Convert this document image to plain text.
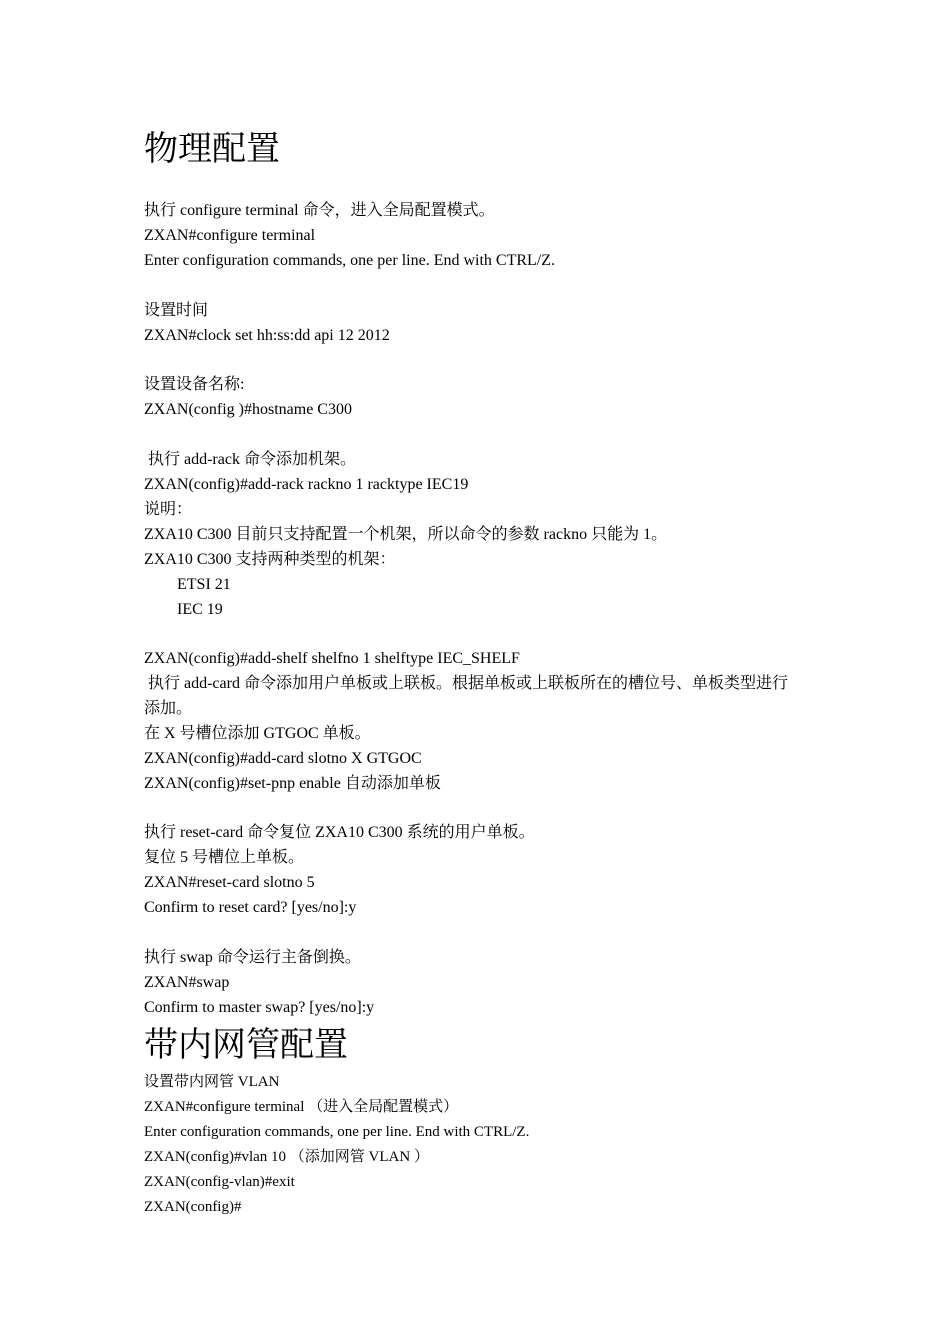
物理配置
执行 configure terminal 命令，进入全局配置模式。
ZXAN#configure terminal
Enter configuration commands, one per line. End with CTRL/Z.
设置时间
ZXAN#clock set hh:ss:dd api 12 2012
设置设备名称:
ZXAN(config )#hostname C300
执行 add-rack 命令添加机架。
ZXAN(config)#add-rack rackno 1 racktype IEC19
说明：
ZXA10 C300 目前只支持配置一个机架，所以命令的参数 rackno 只能为 1。
ZXA10 C300 支持两种类型的机架：
ETSI 21
IEC 19
ZXAN(config)#add-shelf shelfno 1 shelftype IEC_SHELF
执行 add-card 命令添加用户单板或上联板。根据单板或上联板所在的槽位号、单板类型进行
添加。
在 X 号槽位添加 GTGOC 单板。
ZXAN(config)#add-card slotno X GTGOC
ZXAN(config)#set-pnp enable 自动添加单板
执行 reset-card 命令复位 ZXA10 C300 系统的用户单板。
复位 5 号槽位上单板。
ZXAN#reset-card slotno 5
Confirm to reset card? [yes/no]:y
执行 swap 命令运行主备倒换。
ZXAN#swap
Confirm to master swap? [yes/no]:y
带内网管配置
设置带内网管 VLAN
ZXAN#configure terminal （进入全局配置模式）
Enter configuration commands, one per line. End with CTRL/Z.
ZXAN(config)#vlan 10 （添加网管 VLAN ）
ZXAN(config-vlan)#exit
ZXAN(config)#
